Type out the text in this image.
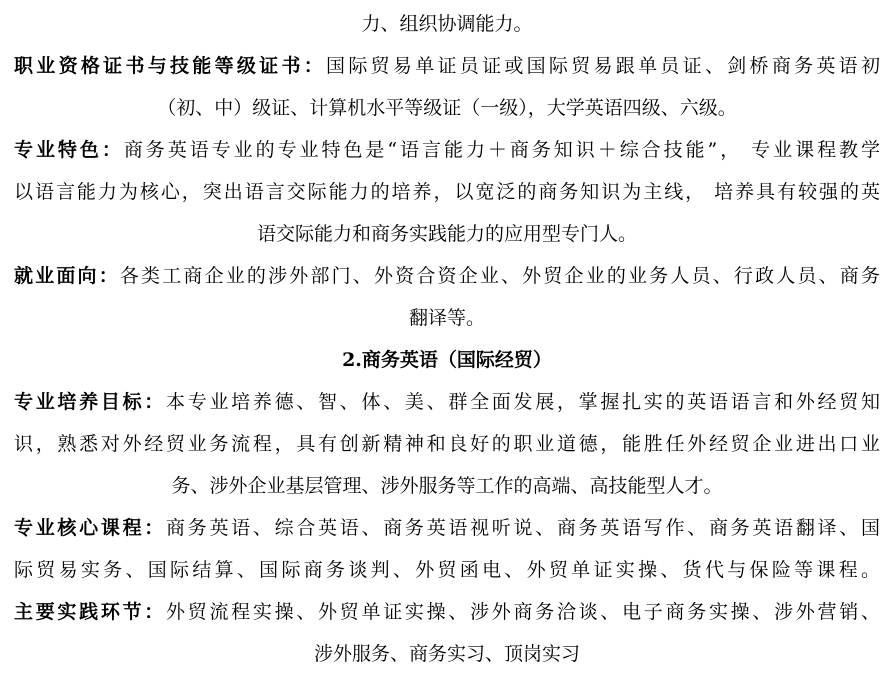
力、组织协调能力。
职业资格证书与技能等级证书：国际贸易单证员证或国际贸易跟单员证、剑桥商务英语初
（初、中）级证、计算机水平等级证（一级），大学英语四级、六级。
专业特色：商务英语专业的专业特色是“语言能力＋商务知识＋综合技能”， 专业课程教学
以语言能力为核心，突出语言交际能力的培养，以宽泛的商务知识为主线， 培养具有较强的英
语交际能力和商务实践能力的应用型专门人。
就业面向：各类工商企业的涉外部门、外资合资企业、外贸企业的业务人员、行政人员、商务
翻译等。
2.商务英语（国际经贸）
专业培养目标：本专业培养德、智、体、美、群全面发展，掌握扎实的英语语言和外经贸知
识，熟悉对外经贸业务流程，具有创新精神和良好的职业道德，能胜任外经贸企业进出口业
务、涉外企业基层管理、涉外服务等工作的高端、高技能型人才。
专业核心课程：商务英语、综合英语、商务英语视听说、商务英语写作、商务英语翻译、国
际贸易实务、国际结算、国际商务谈判、外贸函电、外贸单证实操、货代与保险等课程。
主要实践环节：外贸流程实操、外贸单证实操、涉外商务洽谈、电子商务实操、涉外营销、
涉外服务、商务实习、顶岗实习
